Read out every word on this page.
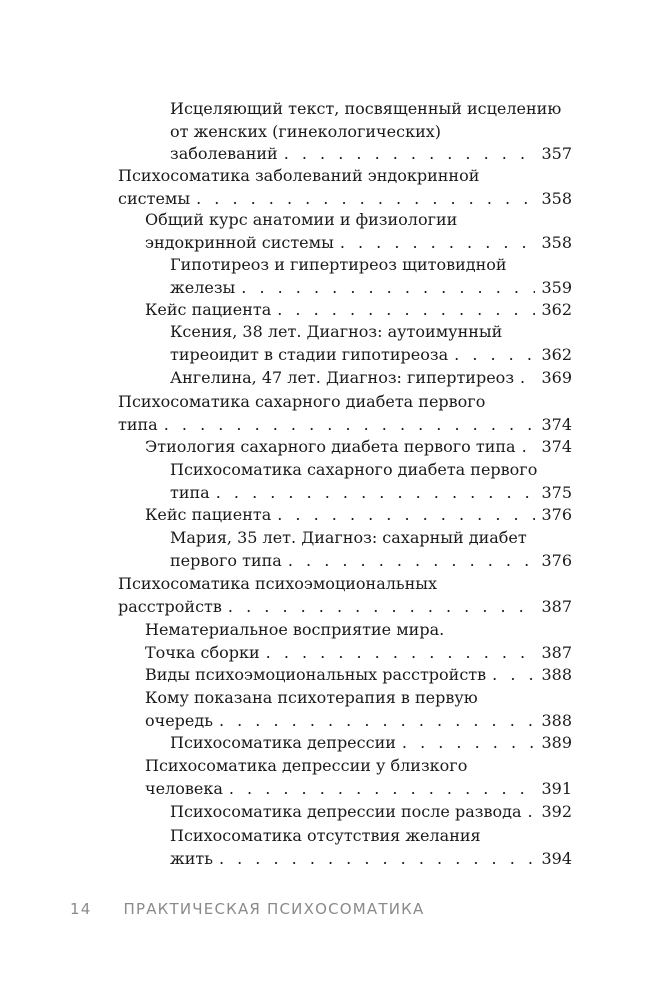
Исцеляющий текст, посвященный исцелению
от женских (гинекологических)
заболеваний . . .	357
Психосоматика заболеваний эндокринной
системы . . .	358
Общий курс анатомии и физиологии
эндокринной системы . . .	358
Гипотиреоз и гипертиреоз щитовидной
железы . . .	359
Кейс пациента . . .	362
Ксения, 38 лет. Диагноз: аутоимунный
тиреоидит в стадии гипотиреоза . . .	362
Ангелина, 47 лет. Диагноз: гипертиреоз . . . 369
Психосоматика сахарного диабета первого
типа . . .	374
Этиология сахарного диабета первого типа . . . 374
Психосоматика сахарного диабета первого
типа . . .	375
Кейс пациента . . .	376
Мария, 35 лет. Диагноз: сахарный диабет
первого типа . . .	376
Психосоматика психоэмоциональных
расстройств . . .	387
Нематериальное восприятие мира.
Точка сборки . . .	387
Виды психоэмоциональных расстройств . . .	388
Кому показана психотерапия в первую
очередь . . .	388
Психосоматика депрессии . . .	389
Психосоматика депрессии у близкого
человека . . .	391
Психосоматика депрессии после развода . . . 392
Психосоматика отсутствия желания
жить . . .	394
14 ПРАКТИЧЕСКАЯ ПСИХОСОМАТИКА
